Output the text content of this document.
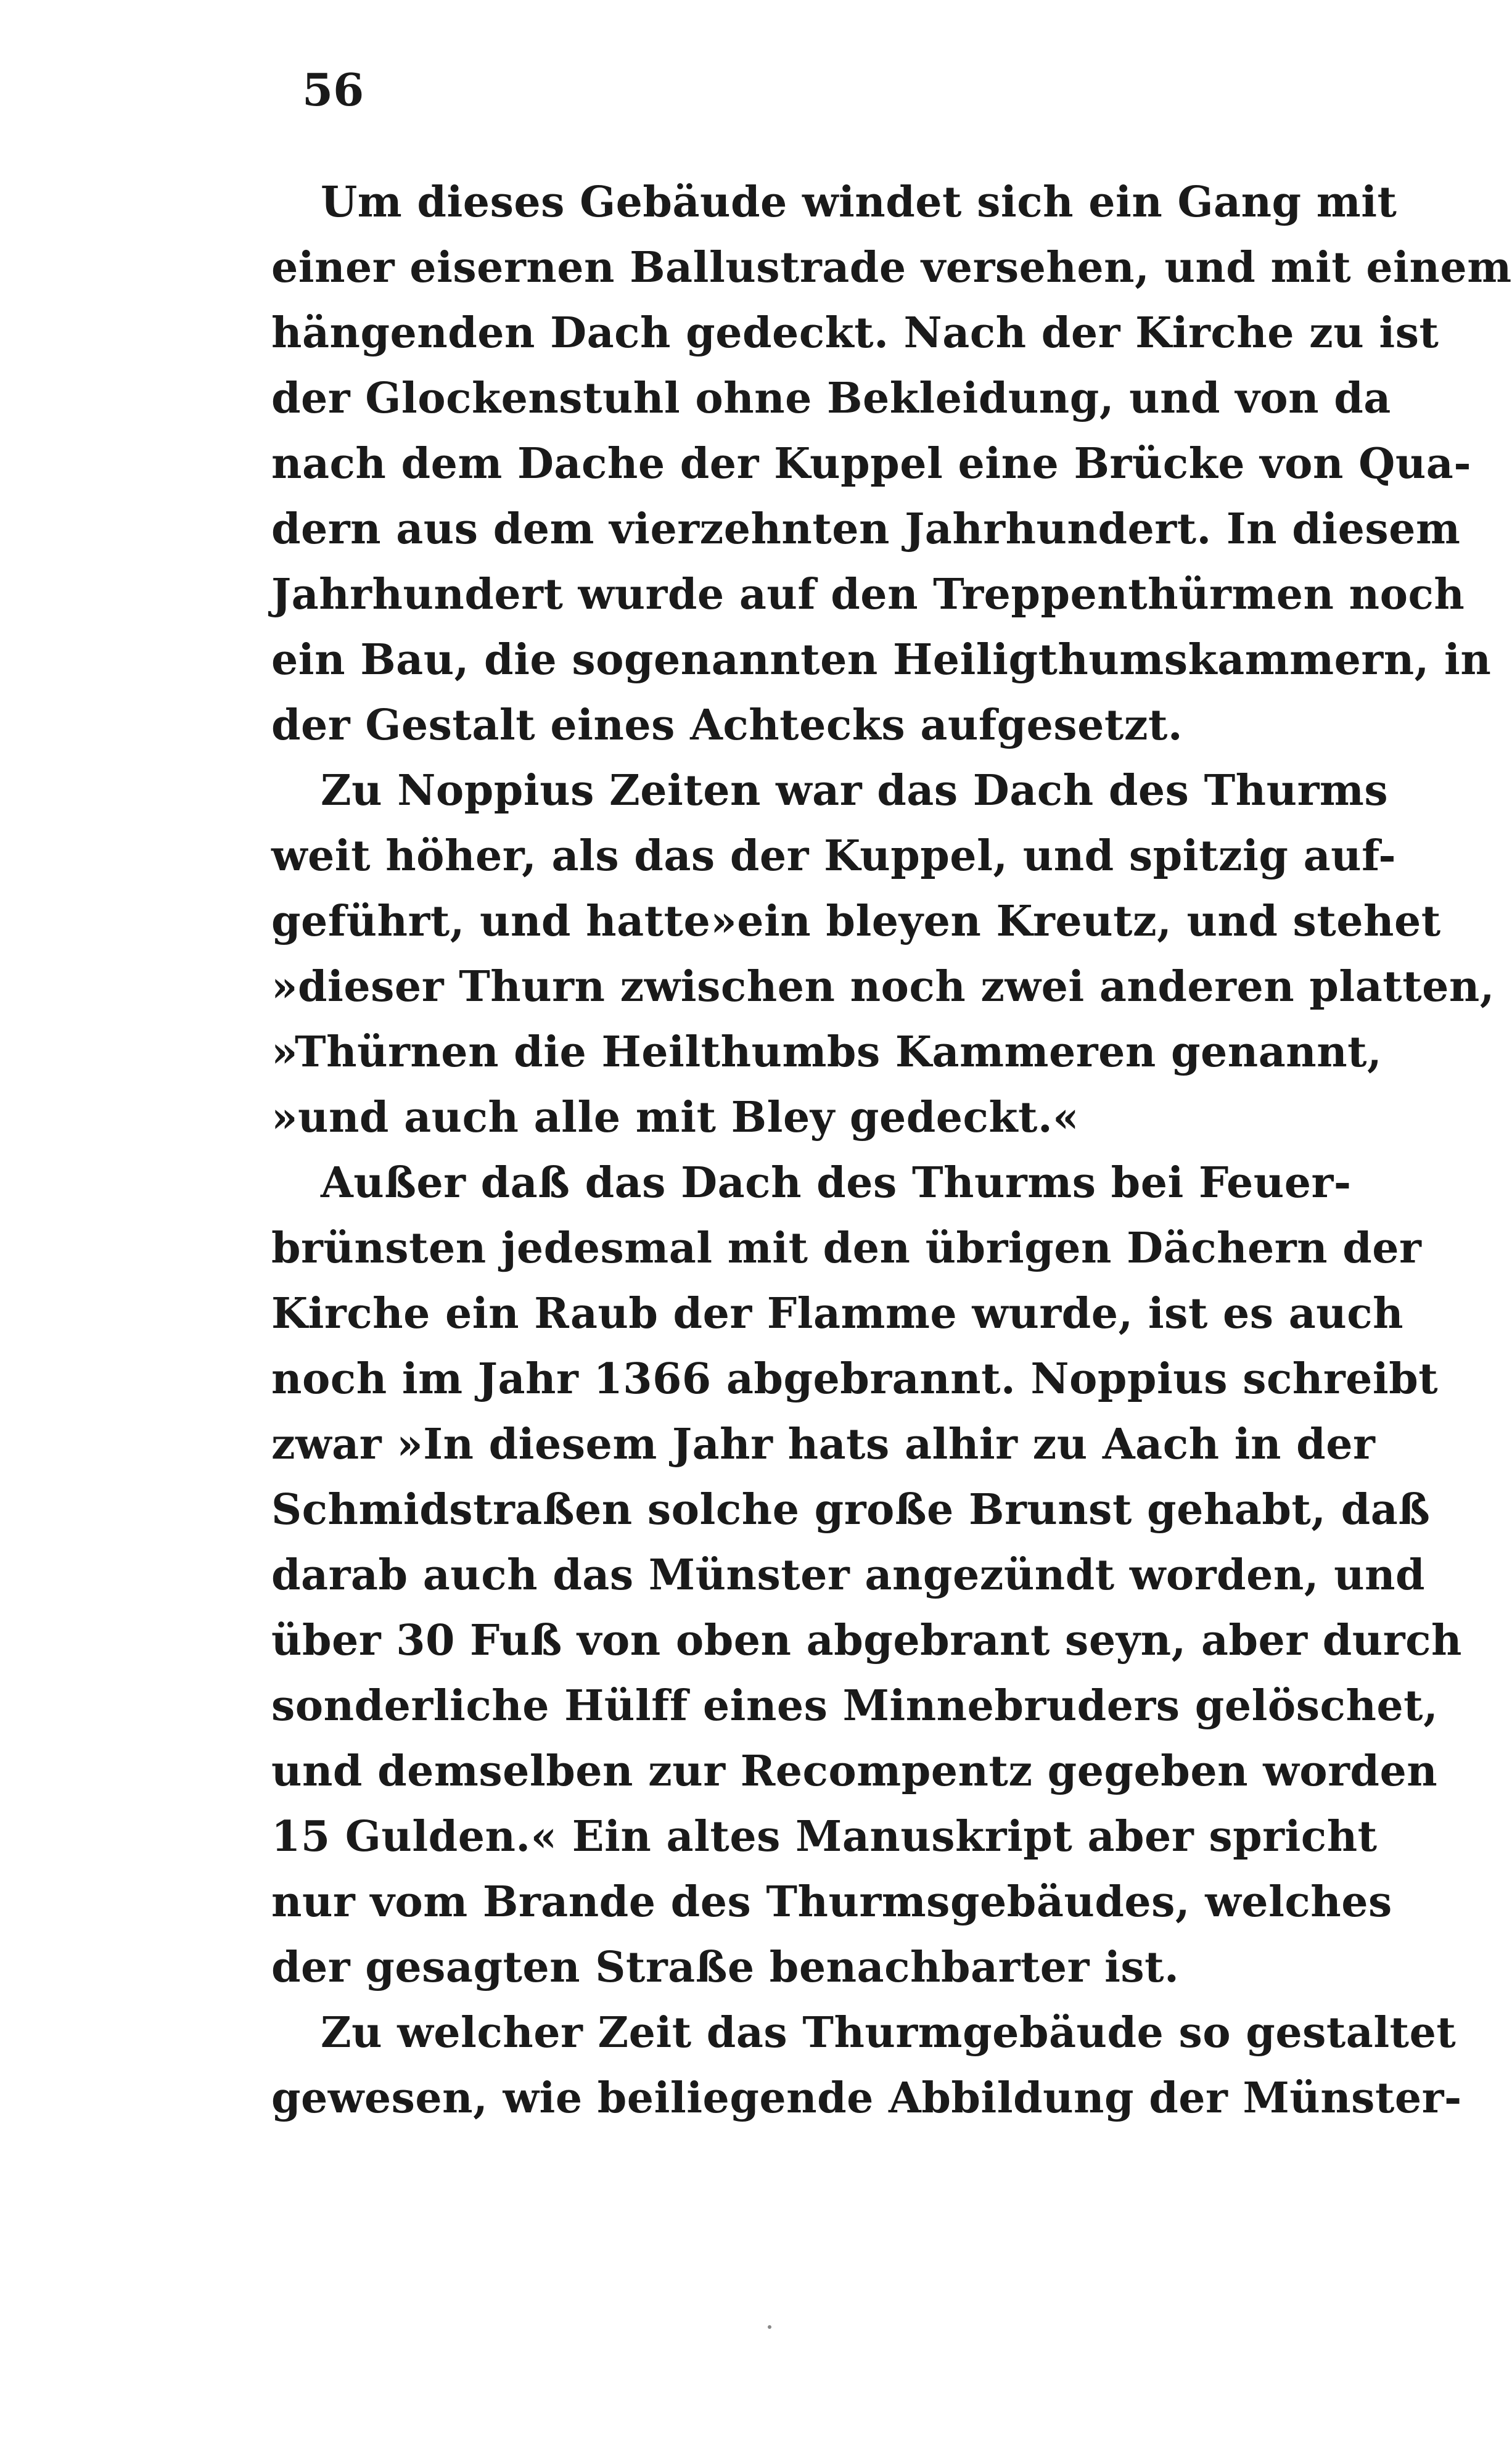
56
Um dieses Gebäude windet sich ein Gang mit
einer eisernen Ballustrade versehen, und mit einem
hängenden Dach gedeckt. Nach der Kirche zu ist
der Glockenstuhl ohne Bekleidung, und von da
nach dem Dache der Kuppel eine Brücke von Qua-
dern aus dem vierzehnten Jahrhundert. In diesem
Jahrhundert wurde auf den Treppenthürmen noch
ein Bau, die sogenannten Heiligthumskammern, in
der Gestalt eines Achtecks aufgesetzt.
Zu Noppius Zeiten war das Dach des Thurms
weit höher, als das der Kuppel, und spitzig auf-
geführt, und hatte»ein bleyen Kreutz, und stehet
»dieser Thurn zwischen noch zwei anderen platten,
»Thürnen die Heilthumbs Kammeren genannt,
»und auch alle mit Bley gedeckt.«
Außer daß das Dach des Thurms bei Feuer-
brünsten jedesmal mit den übrigen Dächern der
Kirche ein Raub der Flamme wurde, ist es auch
noch im Jahr 1366 abgebrannt. Noppius schreibt
zwar »In diesem Jahr hats alhir zu Aach in der
Schmidstraßen solche große Brunst gehabt, daß
darab auch das Münster angezündt worden, und
über 30 Fuß von oben abgebrant seyn, aber durch
sonderliche Hülff eines Minnebruders gelöschet,
und demselben zur Recompentz gegeben worden
15 Gulden.« Ein altes Manuskript aber spricht
nur vom Brande des Thurmsgebäudes, welches
der gesagten Straße benachbarter ist.
Zu welcher Zeit das Thurmgebäude so gestaltet
gewesen, wie beiliegende Abbildung der Münster-
